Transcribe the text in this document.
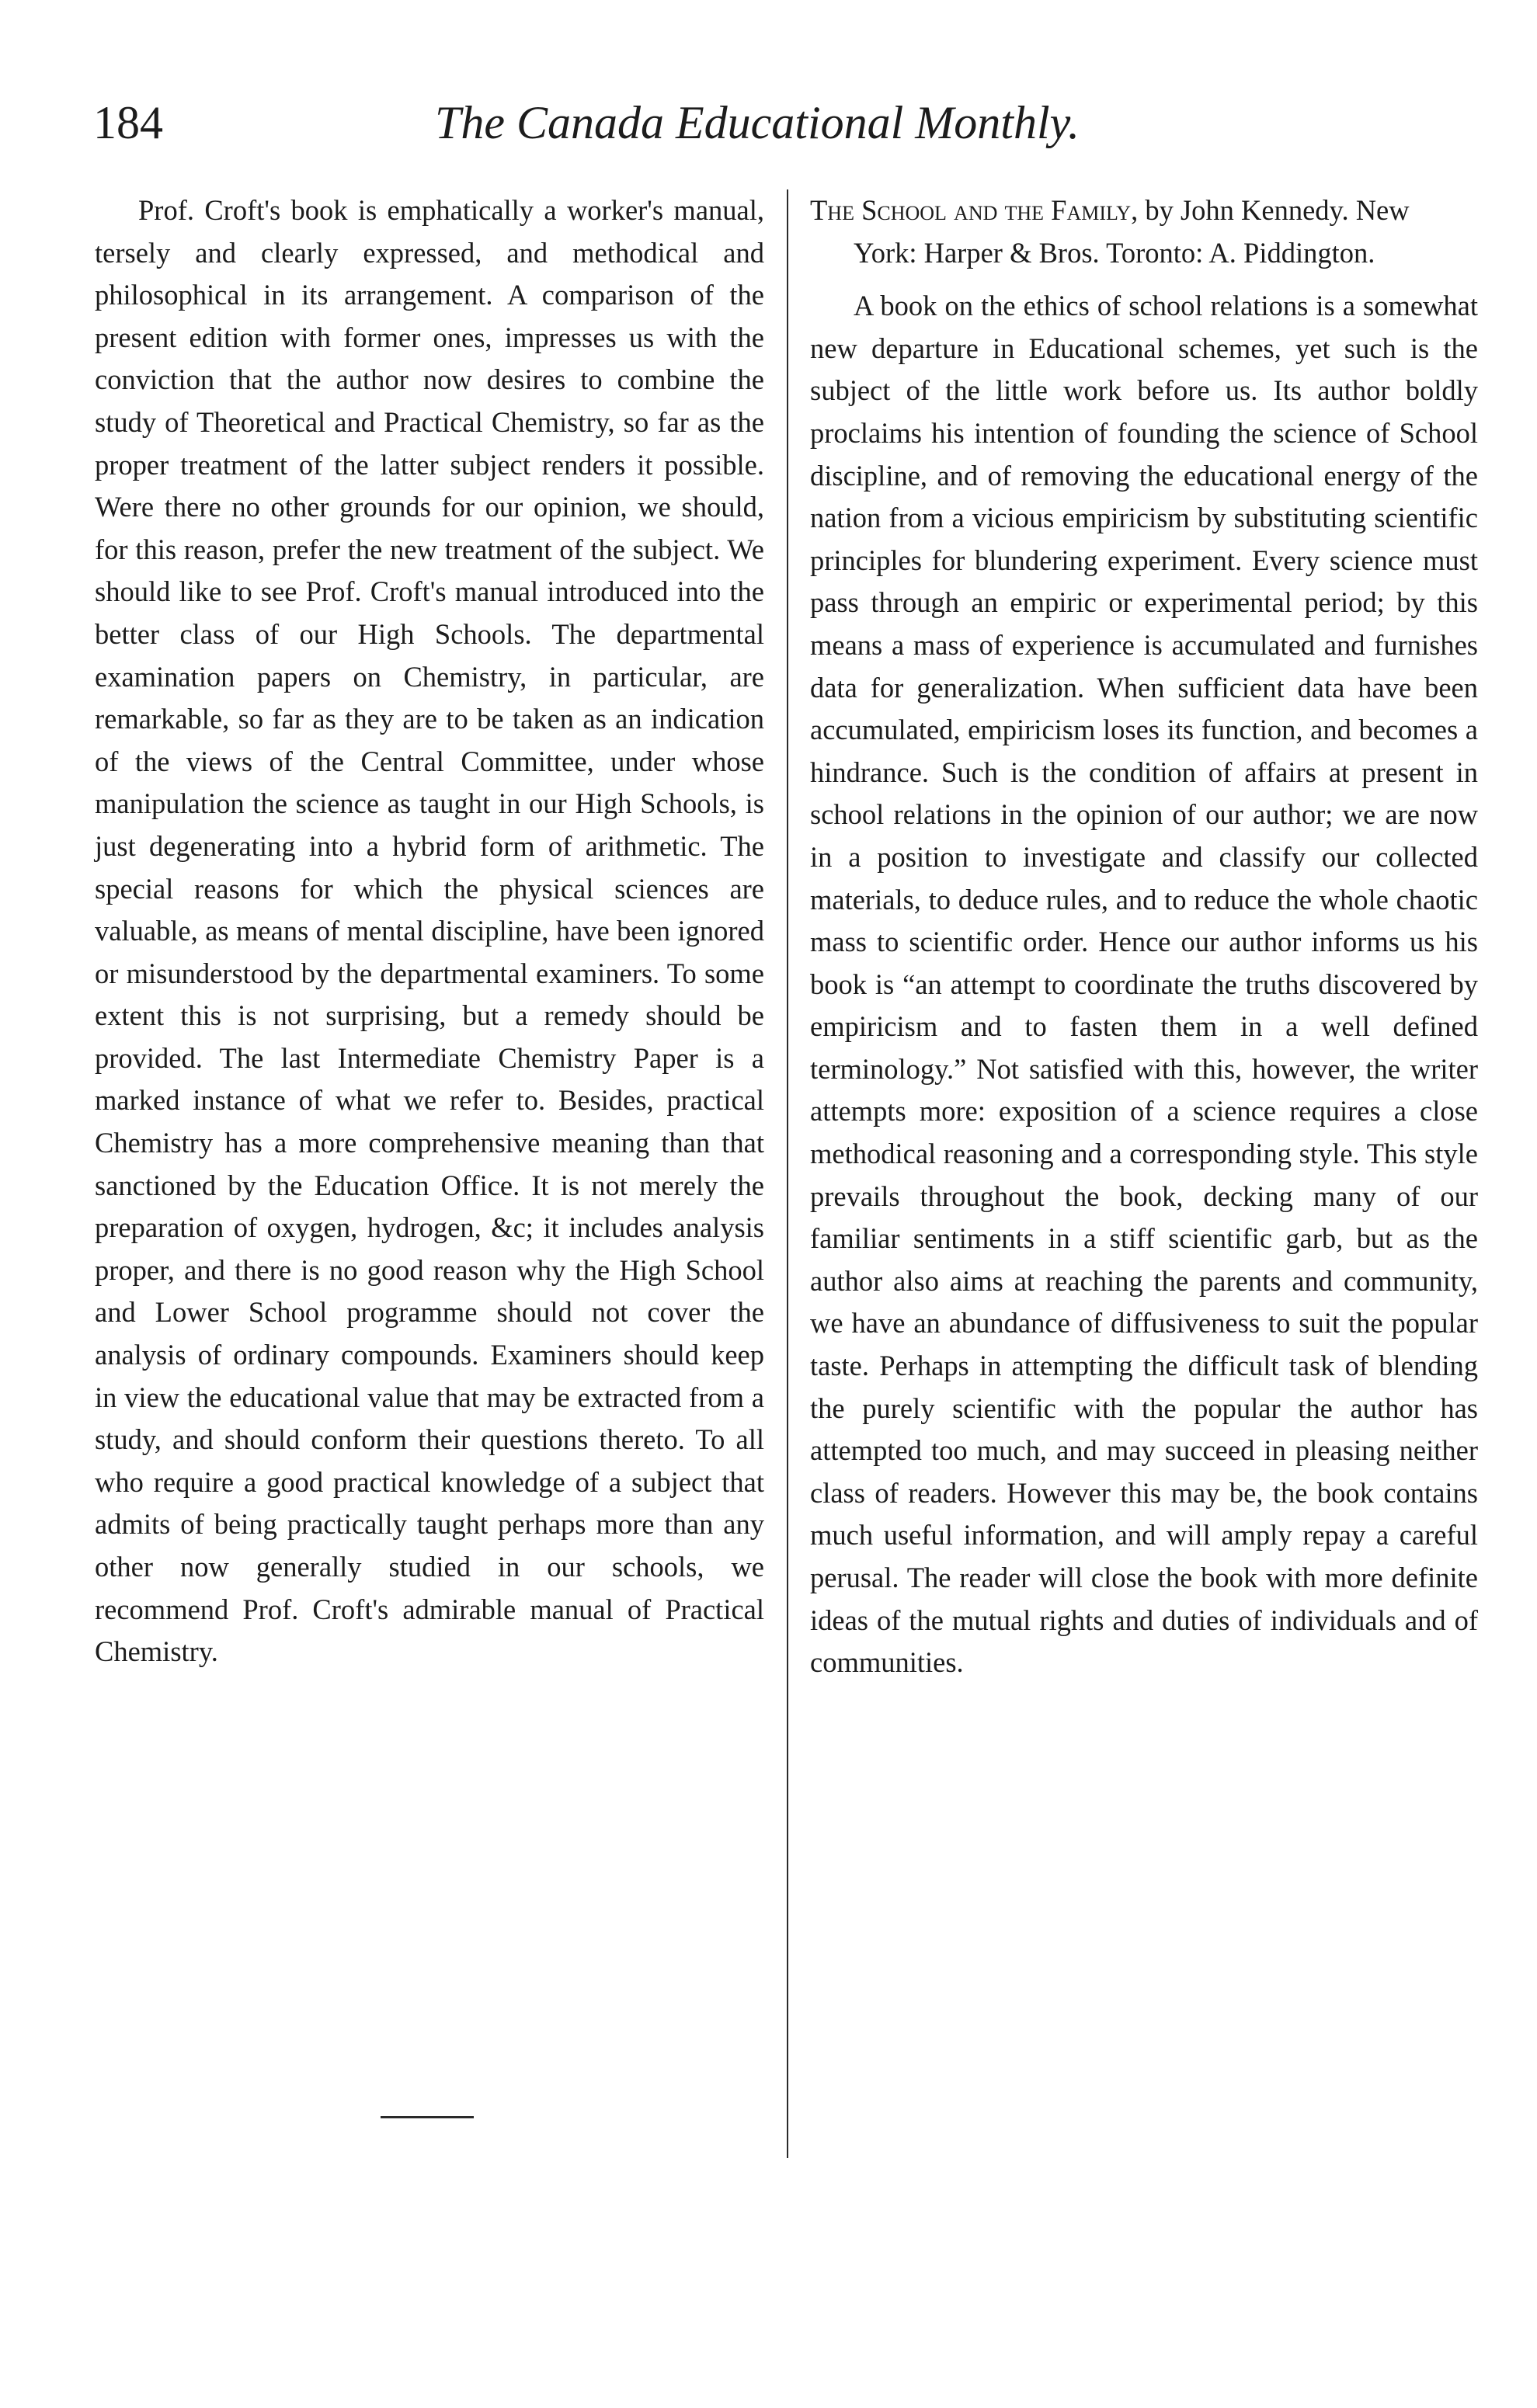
184	The Canada Educational Monthly.

Prof. Croft's book is emphatically a worker's manual, tersely and clearly expressed, and methodical and philosophical in its arrangement. A comparison of the present edition with former ones, impresses us with the conviction that the author now desires to combine the study of Theoretical and Practical Chemistry, so far as the proper treatment of the latter subject renders it possible. Were there no other grounds for our opinion, we should, for this reason, prefer the new treatment of the subject. We should like to see Prof. Croft's manual introduced into the better class of our High Schools. The departmental examination papers on Chemistry, in particular, are remarkable, so far as they are to be taken as an indication of the views of the Central Committee, under whose manipulation the science as taught in our High Schools, is just degenerating into a hybrid form of arithmetic. The special reasons for which the physical sciences are valuable, as means of mental discipline, have been ignored or misunderstood by the departmental examiners. To some extent this is not surprising, but a remedy should be provided. The last Intermediate Chemistry Paper is a marked instance of what we refer to. Besides, practical Chemistry has a more comprehensive meaning than that sanctioned by the Education Office. It is not merely the preparation of oxygen, hydrogen, &c; it includes analysis proper, and there is no good reason why the High School and Lower School programme should not cover the analysis of ordinary compounds. Examiners should keep in view the educational value that may be extracted from a study, and should conform their questions thereto. To all who require a good practical knowledge of a subject that admits of being practically taught perhaps more than any other now generally studied in our schools, we recommend Prof. Croft's admirable manual of Practical Chemistry.

The School and the Family, by John Kennedy. New York: Harper & Bros. Toronto: A. Piddington.

A book on the ethics of school relations is a somewhat new departure in Educational schemes, yet such is the subject of the little work before us. Its author boldly proclaims his intention of founding the science of School discipline, and of removing the educational energy of the nation from a vicious empiricism by substituting scientific principles for blundering experiment. Every science must pass through an empiric or experimental period; by this means a mass of experience is accumulated and furnishes data for generalization. When sufficient data have been accumulated, empiricism loses its function, and becomes a hindrance. Such is the condition of affairs at present in school relations in the opinion of our author; we are now in a position to investigate and classify our collected materials, to deduce rules, and to reduce the whole chaotic mass to scientific order. Hence our author informs us his book is “an attempt to coordinate the truths discovered by empiricism and to fasten them in a well defined terminology.” Not satisfied with this, however, the writer attempts more: exposition of a science requires a close methodical reasoning and a corresponding style. This style prevails throughout the book, decking many of our familiar sentiments in a stiff scientific garb, but as the author also aims at reaching the parents and community, we have an abundance of diffusiveness to suit the popular taste. Perhaps in attempting the difficult task of blending the purely scientific with the popular the author has attempted too much, and may succeed in pleasing neither class of readers. However this may be, the book contains much useful information, and will amply repay a careful perusal. The reader will close the book with more definite ideas of the mutual rights and duties of individuals and of communities.
